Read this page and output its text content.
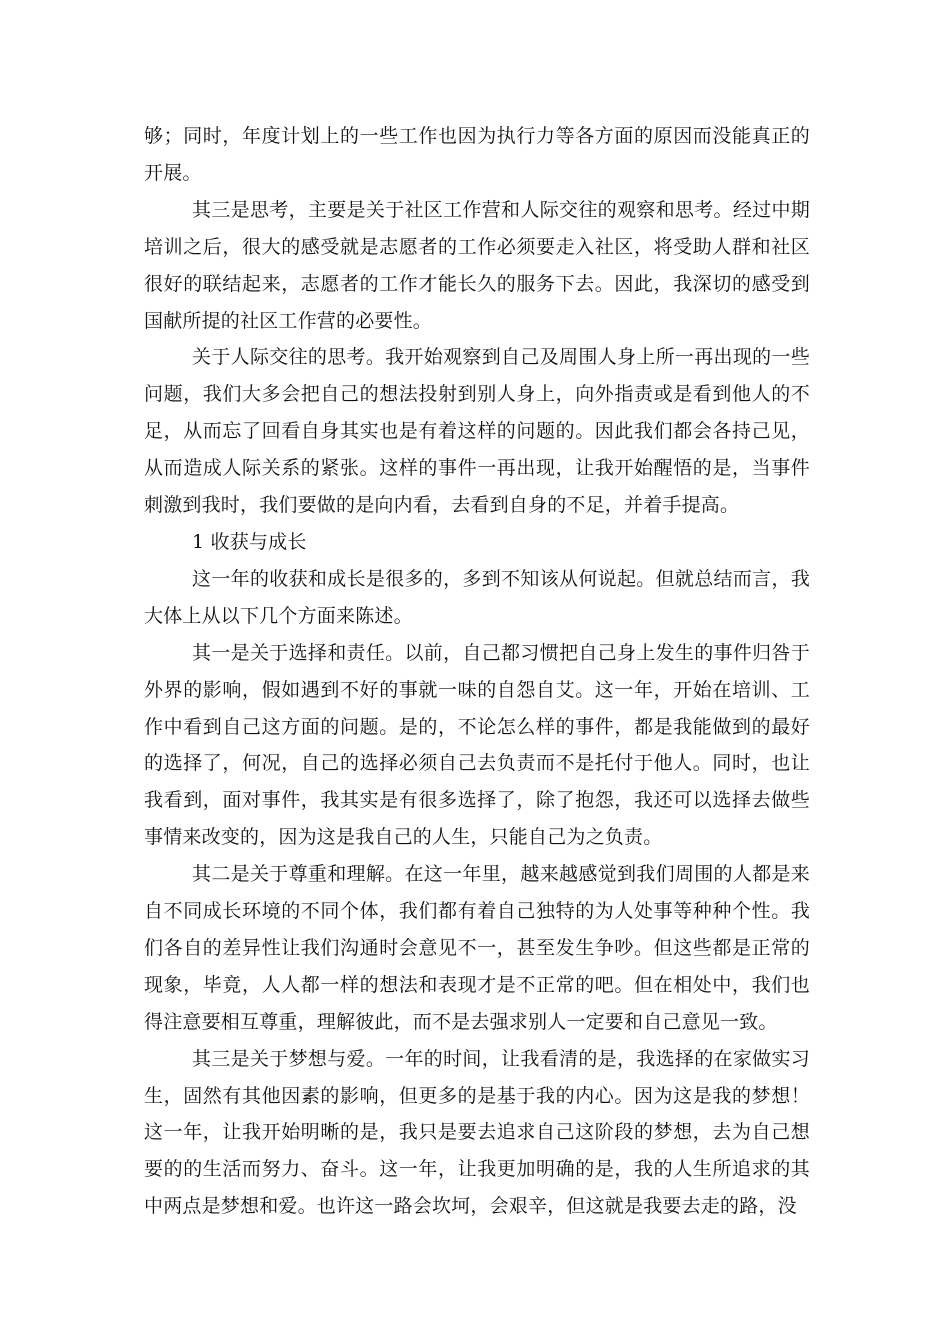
够；同时，年度计划上的一些工作也因为执行力等各方面的原因而没能真正的开展。

其三是思考，主要是关于社区工作营和人际交往的观察和思考。经过中期培训之后，很大的感受就是志愿者的工作必须要走入社区，将受助人群和社区很好的联结起来，志愿者的工作才能长久的服务下去。因此，我深切的感受到国献所提的社区工作营的必要性。

关于人际交往的思考。我开始观察到自己及周围人身上所一再出现的一些问题，我们大多会把自己的想法投射到别人身上，向外指责或是看到他人的不足，从而忘了回看自身其实也是有着这样的问题的。因此我们都会各持己见，从而造成人际关系的紧张。这样的事件一再出现，让我开始醒悟的是，当事件刺激到我时，我们要做的是向内看，去看到自身的不足，并着手提高。

1 收获与成长

这一年的收获和成长是很多的，多到不知该从何说起。但就总结而言，我大体上从以下几个方面来陈述。

其一是关于选择和责任。以前，自己都习惯把自己身上发生的事件归咎于外界的影响，假如遇到不好的事就一味的自怨自艾。这一年，开始在培训、工作中看到自己这方面的问题。是的，不论怎么样的事件，都是我能做到的最好的选择了，何况，自己的选择必须自己去负责而不是托付于他人。同时，也让我看到，面对事件，我其实是有很多选择了，除了抱怨，我还可以选择去做些事情来改变的，因为这是我自己的人生，只能自己为之负责。

其二是关于尊重和理解。在这一年里，越来越感觉到我们周围的人都是来自不同成长环境的不同个体，我们都有着自己独特的为人处事等种种个性。我们各自的差异性让我们沟通时会意见不一，甚至发生争吵。但这些都是正常的现象，毕竟，人人都一样的想法和表现才是不正常的吧。但在相处中，我们也得注意要相互尊重，理解彼此，而不是去强求别人一定要和自己意见一致。

其三是关于梦想与爱。一年的时间，让我看清的是，我选择的在家做实习生，固然有其他因素的影响，但更多的是基于我的内心。因为这是我的梦想！这一年，让我开始明晰的是，我只是要去追求自己这阶段的梦想，去为自己想要的的生活而努力、奋斗。这一年，让我更加明确的是，我的人生所追求的其中两点是梦想和爱。也许这一路会坎坷，会艰辛，但这就是我要去走的路，没
